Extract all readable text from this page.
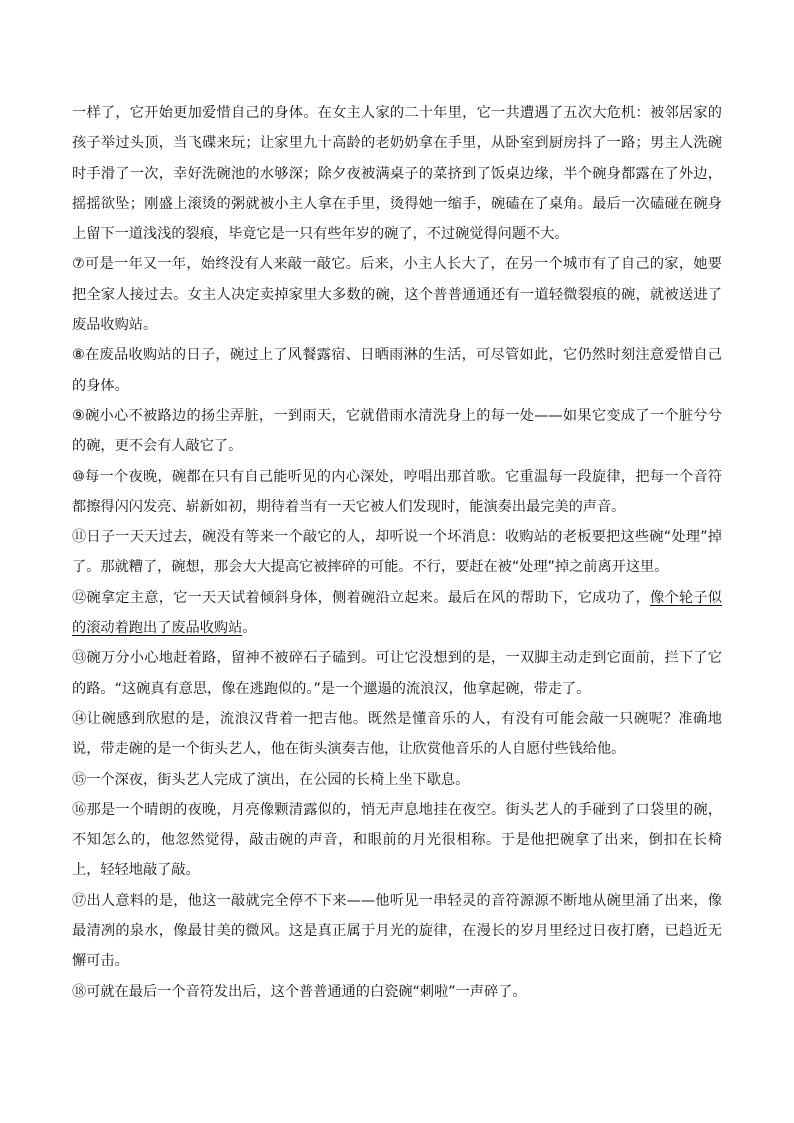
一样了，它开始更加爱惜自己的身体。在女主人家的二十年里，它一共遭遇了五次大危机：被邻居家的孩子举过头顶，当飞碟来玩；让家里九十高龄的老奶奶拿在手里，从卧室到厨房抖了一路；男主人洗碗时手滑了一次，幸好洗碗池的水够深；除夕夜被满桌子的菜挤到了饭桌边缘，半个碗身都露在了外边，摇摇欲坠；刚盛上滚烫的粥就被小主人拿在手里，烫得她一缩手，碗磕在了桌角。最后一次磕碰在碗身上留下一道浅浅的裂痕，毕竟它是一只有些年岁的碗了，不过碗觉得问题不大。

⑦可是一年又一年，始终没有人来敲一敲它。后来，小主人长大了，在另一个城市有了自己的家，她要把全家人接过去。女主人决定卖掉家里大多数的碗，这个普普通通还有一道轻微裂痕的碗，就被送进了废品收购站。

⑧在废品收购站的日子，碗过上了风餐露宿、日晒雨淋的生活，可尽管如此，它仍然时刻注意爱惜自己的身体。

⑨碗小心不被路边的扬尘弄脏，一到雨天，它就借雨水清洗身上的每一处——如果它变成了一个脏兮兮的碗，更不会有人敲它了。

⑩每一个夜晚，碗都在只有自己能听见的内心深处，哼唱出那首歌。它重温每一段旋律，把每一个音符都擦得闪闪发亮、崭新如初，期待着当有一天它被人们发现时，能演奏出最完美的声音。

⑪日子一天天过去，碗没有等来一个敲它的人，却听说一个坏消息：收购站的老板要把这些碗“处理”掉了。那就糟了，碗想，那会大大提高它被摔碎的可能。不行，要赶在被“处理”掉之前离开这里。

⑫碗拿定主意，它一天天试着倾斜身体，侧着碗沿立起来。最后在风的帮助下，它成功了，像个轮子似的滚动着跑出了废品收购站。

⑬碗万分小心地赶着路，留神不被碎石子磕到。可让它没想到的是，一双脚主动走到它面前，拦下了它的路。“这碗真有意思，像在逃跑似的。”是一个邋遢的流浪汉，他拿起碗，带走了。

⑭让碗感到欣慰的是，流浪汉背着一把吉他。既然是懂音乐的人，有没有可能会敲一只碗呢？准确地说，带走碗的是一个街头艺人，他在街头演奏吉他，让欣赏他音乐的人自愿付些钱给他。

⑮一个深夜，街头艺人完成了演出，在公园的长椅上坐下歇息。

⑯那是一个晴朗的夜晚，月亮像颗清露似的，悄无声息地挂在夜空。街头艺人的手碰到了口袋里的碗，不知怎么的，他忽然觉得，敲击碗的声音，和眼前的月光很相称。于是他把碗拿了出来，倒扣在长椅上，轻轻地敲了敲。

⑰出人意料的是，他这一敲就完全停不下来——他听见一串轻灵的音符源源不断地从碗里涌了出来，像最清冽的泉水，像最甘美的微风。这是真正属于月光的旋律，在漫长的岁月里经过日夜打磨，已趋近无懈可击。

⑱可就在最后一个音符发出后，这个普普通通的白瓷碗“刺啦”一声碎了。
